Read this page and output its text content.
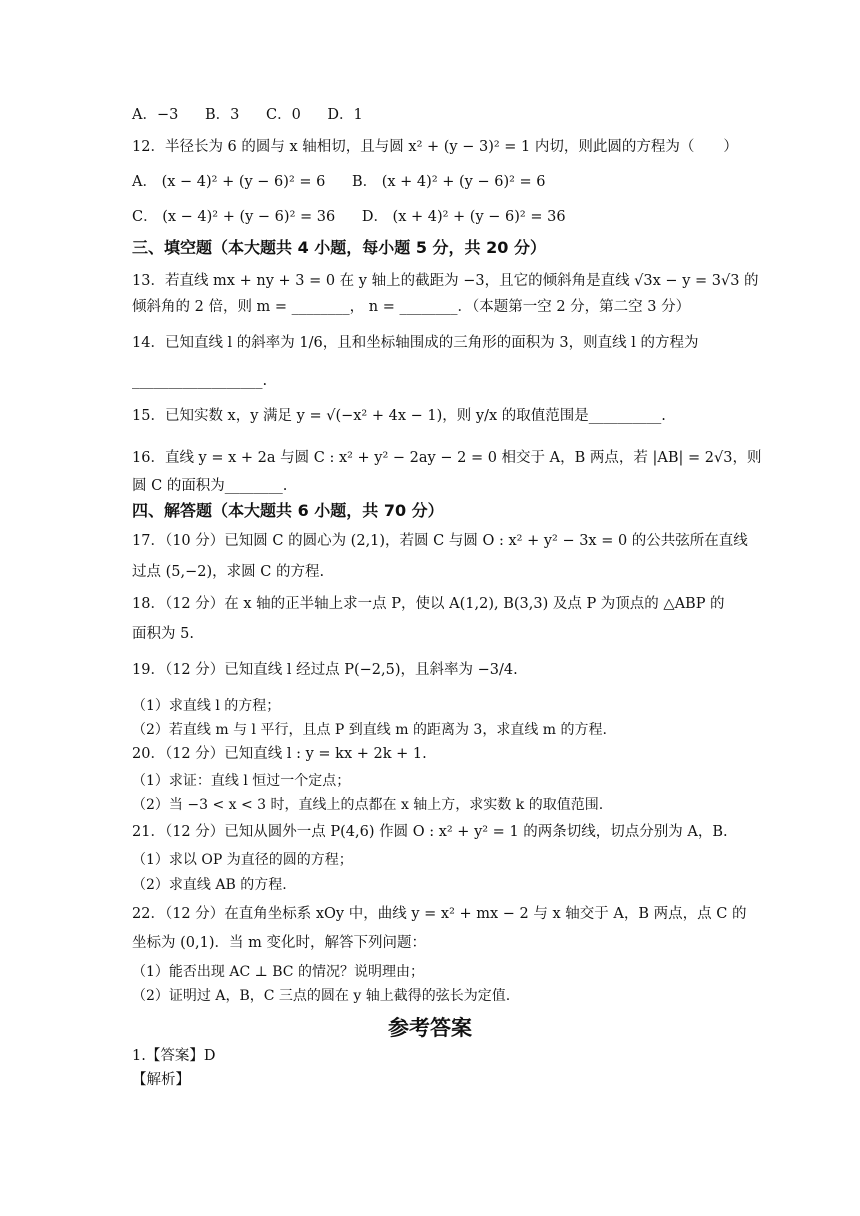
A．−3 B．3 C．0 D．1
12．半径长为 6 的圆与 x 轴相切，且与圆 x² + (y − 3)² = 1 内切，则此圆的方程为（　　）
A． (x − 4)² + (y − 6)² = 6 B． (x + 4)² + (y − 6)² = 6
C． (x − 4)² + (y − 6)² = 36 D． (x + 4)² + (y − 6)² = 36
三、填空题（本大题共 4 小题，每小题 5 分，共 20 分）
13．若直线 mx + ny + 3 = 0 在 y 轴上的截距为 −3，且它的倾斜角是直线 √3x − y = 3√3 的
倾斜角的 2 倍，则 m = ________， n = ________．（本题第一空 2 分，第二空 3 分）
14．已知直线 l 的斜率为 1/6，且和坐标轴围成的三角形的面积为 3，则直线 l 的方程为
__________________.
15．已知实数 x，y 满足 y = √(−x² + 4x − 1)，则 y/x 的取值范围是__________.
16．直线 y = x + 2a 与圆 C : x² + y² − 2ay − 2 = 0 相交于 A，B 两点，若 |AB| = 2√3，则
圆 C 的面积为________.
四、解答题（本大题共 6 小题，共 70 分）
17．（10 分）已知圆 C 的圆心为 (2,1)，若圆 C 与圆 O : x² + y² − 3x = 0 的公共弦所在直线
过点 (5,−2)，求圆 C 的方程.
18．（12 分）在 x 轴的正半轴上求一点 P，使以 A(1,2), B(3,3) 及点 P 为顶点的 △ABP 的
面积为 5.
19．（12 分）已知直线 l 经过点 P(−2,5)，且斜率为 −3/4.
（1）求直线 l 的方程；
（2）若直线 m 与 l 平行，且点 P 到直线 m 的距离为 3，求直线 m 的方程.
20．（12 分）已知直线 l : y = kx + 2k + 1.
（1）求证：直线 l 恒过一个定点；
（2）当 −3 < x < 3 时，直线上的点都在 x 轴上方，求实数 k 的取值范围.
21．（12 分）已知从圆外一点 P(4,6) 作圆 O : x² + y² = 1 的两条切线，切点分别为 A，B.
（1）求以 OP 为直径的圆的方程；
（2）求直线 AB 的方程.
22．（12 分）在直角坐标系 xOy 中，曲线 y = x² + mx − 2 与 x 轴交于 A，B 两点，点 C 的
坐标为 (0,1)．当 m 变化时，解答下列问题：
（1）能否出现 AC ⊥ BC 的情况？说明理由；
（2）证明过 A，B，C 三点的圆在 y 轴上截得的弦长为定值.
参考答案
1.【答案】D
【解析】
